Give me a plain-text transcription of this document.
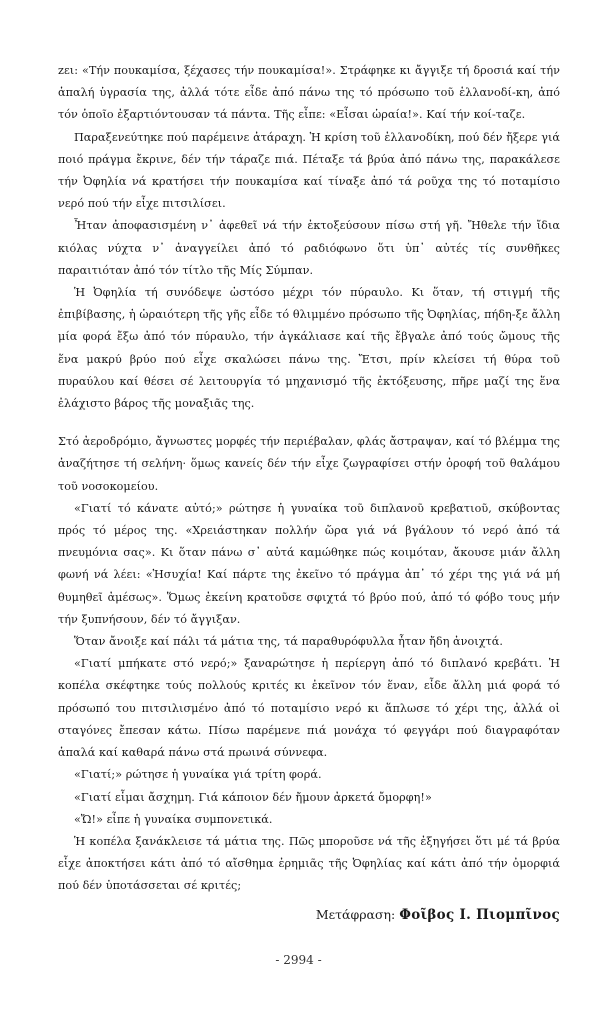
zει: «Τήν πουκαμίσα, ξέχασες τήν πουκαμίσα!». Στράφηκε κι ἄγγιξε τή δροσιά καί τήν ἁπαλή ὑγρασία της, ἀλλά τότε εἶδε ἀπό πάνω της τό πρόσωπο τοῦ ἑλλανοδί-κη, ἀπό τόν ὁποῖο ἐξαρτιόντουσαν τά πάντα. Τῆς εἶπε: «Εἶσαι ὡραία!». Καί τήν κοί-ταζε.

Παραξενεύτηκε πού παρέμεινε ἀτάραχη. Ἡ κρίση τοῦ ἑλλανοδίκη, πού δέν ἤξερε γιά ποιό πράγμα ἔκρινε, δέν τήν τάραζε πιά. Πέταξε τά βρύα ἀπό πάνω της, παρακάλεσε τήν Ὀφηλία νά κρατήσει τήν πουκαμίσα καί τίναξε ἀπό τά ροῦχα της τό ποταμίσιο νερό πού τήν εἶχε πιτσιλίσει.

Ἦταν ἀποφασισμένη ν᾽ ἀφεθεῖ νά τήν ἐκτοξεύσουν πίσω στή γῆ. Ἤθελε τήν ἴδια κιόλας νύχτα ν᾽ ἀναγγείλει ἀπό τό ραδιόφωνο ὅτι ὑπ᾽ αὐτές τίς συνθῆκες παραιτιόταν ἀπό τόν τίτλο τῆς Μίς Σύμπαν.

Ἡ Ὀφηλία τή συνόδεψε ὡστόσο μέχρι τόν πύραυλο. Κι ὅταν, τή στιγμή τῆς ἐπιβίβασης, ἡ ὡραιότερη τῆς γῆς εἶδε τό θλιμμένο πρόσωπο τῆς Ὀφηλίας, πήδη-ξε ἄλλη μία φορά ἔξω ἀπό τόν πύραυλο, τήν ἀγκάλιασε καί τῆς ἔβγαλε ἀπό τούς ὤμους τῆς ἕνα μακρύ βρύο πού εἶχε σκαλώσει πάνω της. Ἔτσι, πρίν κλείσει τή θύρα τοῦ πυραύλου καί θέσει σέ λειτουργία τό μηχανισμό τῆς ἐκτόξευσης, πῆρε μαζί της ἕνα ἐλάχιστο βάρος τῆς μοναξιᾶς της.

Στό ἀεροδρόμιο, ἄγνωστες μορφές τήν περιέβαλαν, φλάς ἄστραψαν, καί τό βλέμμα της ἀναζήτησε τή σελήνη· ὅμως κανείς δέν τήν εἶχε ζωγραφίσει στήν ὀροφή τοῦ θαλάμου τοῦ νοσοκομείου.

«Γιατί τό κάνατε αὐτό;» ρώτησε ἡ γυναίκα τοῦ διπλανοῦ κρεβατιοῦ, σκύβοντας πρός τό μέρος της. «Χρειάστηκαν πολλήν ὥρα γιά νά βγάλουν τό νερό ἀπό τά πνευμόνια σας». Κι ὅταν πάνω σ᾽ αὐτά καμώθηκε πώς κοιμόταν, ἄκουσε μιάν ἄλλη φωνή νά λέει: «Ἡσυχία! Καί πάρτε της ἐκεῖνο τό πράγμα ἀπ᾽ τό χέρι της γιά νά μή θυμηθεῖ ἀμέσως». Ὅμως ἐκείνη κρατοῦσε σφιχτά τό βρύο πού, ἀπό τό φόβο τους μήν τήν ξυπνήσουν, δέν τό ἄγγιξαν.

Ὅταν ἄνοιξε καί πάλι τά μάτια της, τά παραθυρόφυλλα ἦταν ἤδη ἀνοιχτά.

«Γιατί μπήκατε στό νερό;» ξαναρώτησε ἡ περίεργη ἀπό τό διπλανό κρεβάτι. Ἡ κοπέλα σκέφτηκε τούς πολλούς κριτές κι ἐκεῖνον τόν ἕναν, εἶδε ἄλλη μιά φορά τό πρόσωπό του πιτσιλισμένο ἀπό τό ποταμίσιο νερό κι ἅπλωσε τό χέρι της, ἀλλά οἱ σταγόνες ἔπεσαν κάτω. Πίσω παρέμενε πιά μονάχα τό φεγγάρι πού διαγραφόταν ἁπαλά καί καθαρά πάνω στά πρωινά σύννεφα.

«Γιατί;» ρώτησε ἡ γυναίκα γιά τρίτη φορά.

«Γιατί εἶμαι ἄσχημη. Γιά κάποιον δέν ἤμουν ἀρκετά ὄμορφη!»

«Ὤ!» εἶπε ἡ γυναίκα συμπονετικά.

Ἡ κοπέλα ξανάκλεισε τά μάτια της. Πῶς μποροῦσε νά τῆς ἐξηγήσει ὅτι μέ τά βρύα εἶχε ἀποκτήσει κάτι ἀπό τό αἴσθημα ἐρημιᾶς τῆς Ὀφηλίας καί κάτι ἀπό τήν ὀμορφιά πού δέν ὑποτάσσεται σέ κριτές;

Μετάφραση: Φοῖβος Ι. Πιομπῖνος
- 2994 -
